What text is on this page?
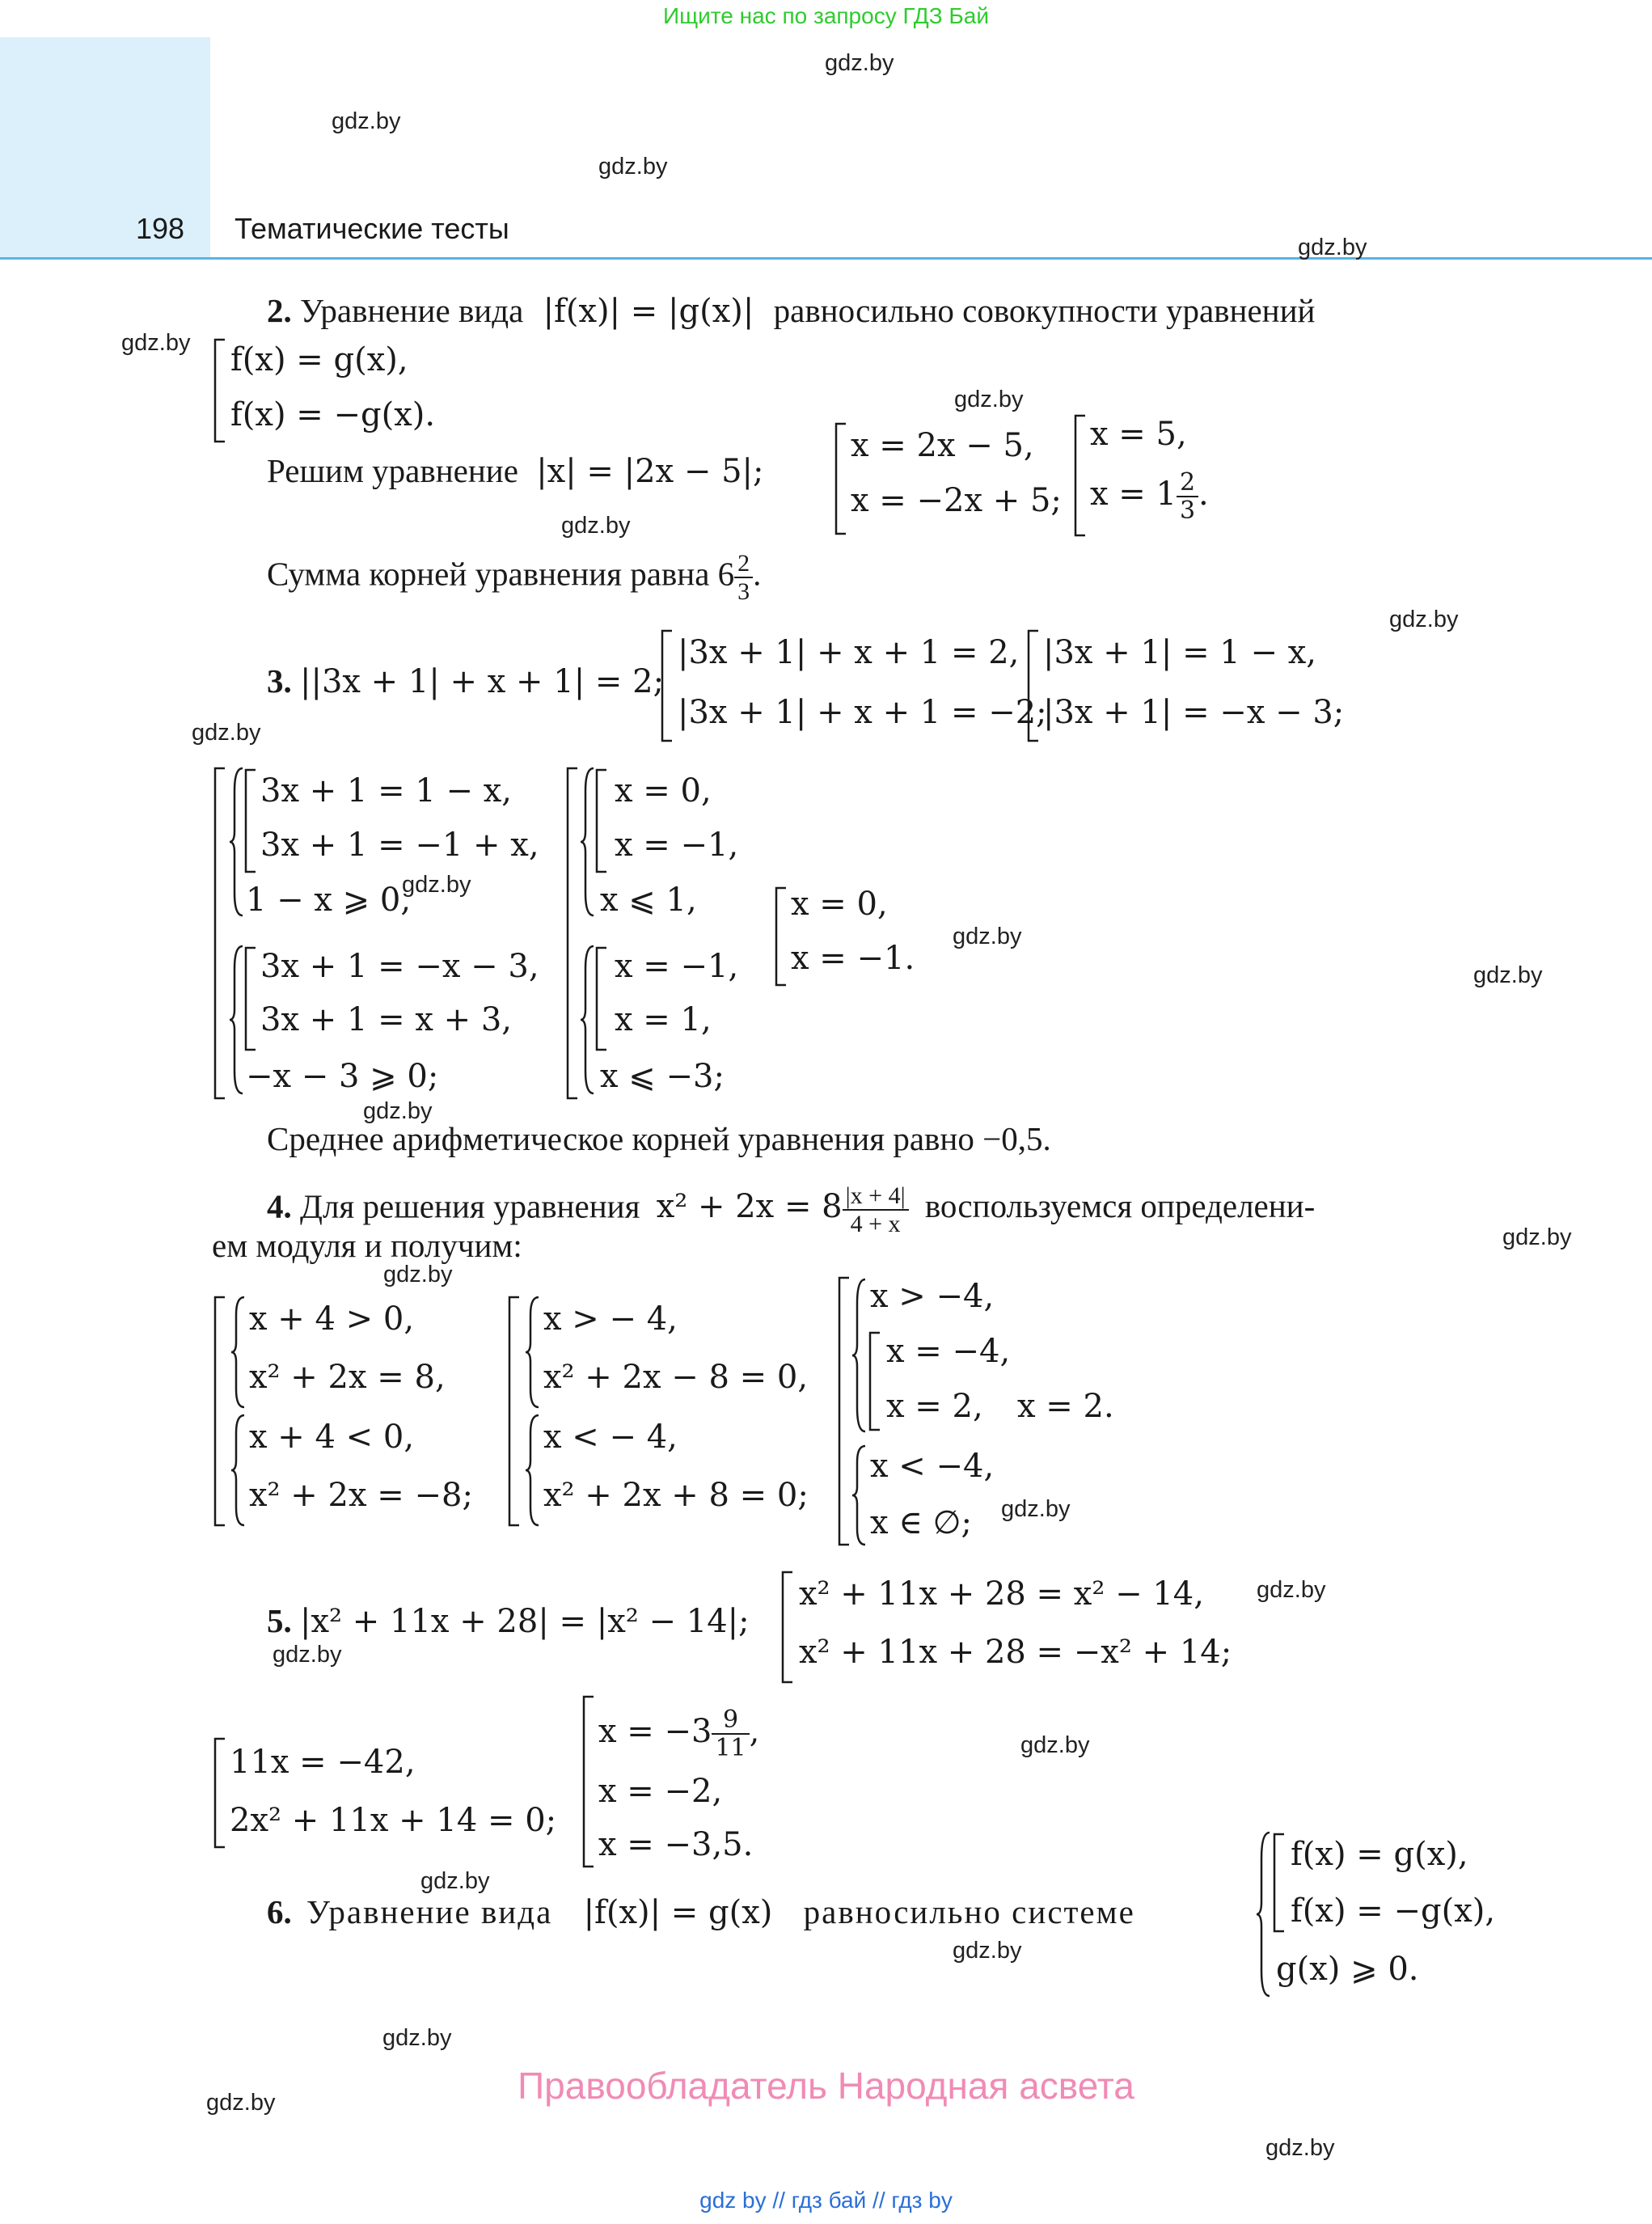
Ищите нас по запросу ГДЗ Бай
198 Тематические тесты
gdz.by
gdz.by
gdz.by
gdz.by
gdz.by
gdz.by
gdz.by
gdz.by
gdz.by
gdz.by
gdz.by
gdz.by
gdz.by
gdz.by
gdz.by
gdz.by
gdz.by
gdz.by
gdz.by
gdz.by
gdz.by
gdz.by
gdz.by
gdz.by
2. Уравнение вида |f(x)| = |g(x)| равносильно совокупности уравнений
f(x) = g(x),
f(x) = −g(x).
Решим уравнение |x| = |2x − 5|;
x = 2x − 5,
x = −2x + 5;
x = 5,
$x = 1 \frac{2}{3}$ .
Сумма корней уравнения равна $6 \frac{2}{3}$ .
3. ||3x + 1| + x + 1| = 2;
|3x + 1| + x + 1 = 2,
|3x + 1| + x + 1 = −2;
|3x + 1| = 1 − x,
|3x + 1| = −x − 3;
3x + 1 = 1 − x,
3x + 1 = −1 + x,
1 − x ⩾ 0,
3x + 1 = −x − 3,
3x + 1 = x + 3,
−x − 3 ⩾ 0;
x = 0,
x = −1,
x ⩽ 1,
x = −1,
x = 1,
x ⩽ −3;
x = 0,
x = −1.
Среднее арифметическое корней уравнения равно −0,5.
4. Для решения уравнения $x^2 + 2x = 8 \frac{|x + 4|}{4 + x}$ воспользуемся определени-
ем модуля и получим:
x + 4 > 0,
x² + 2x = 8,
x + 4 < 0,
x² + 2x = −8;
x > − 4,
x² + 2x − 8 = 0,
x < − 4,
x² + 2x + 8 = 0;
x > −4,
x = −4,
x = 2, x = 2.
x < −4,
x ∈ ∅;
5. |x² + 11x + 28| = |x² − 14|;
x² + 11x + 28 = x² − 14,
x² + 11x + 28 = −x² + 14;
11x = −42,
2x² + 11x + 14 = 0;
$x = -3 \frac{9}{11}$ ,
x = −2,
x = −3,5.
6. Уравнение вида |f(x)| = g(x) равносильно системе
f(x) = g(x),
f(x) = −g(x),
g(x) ⩾ 0.
Правообладатель Народная асвета
gdz by // гдз бай // гдз by
